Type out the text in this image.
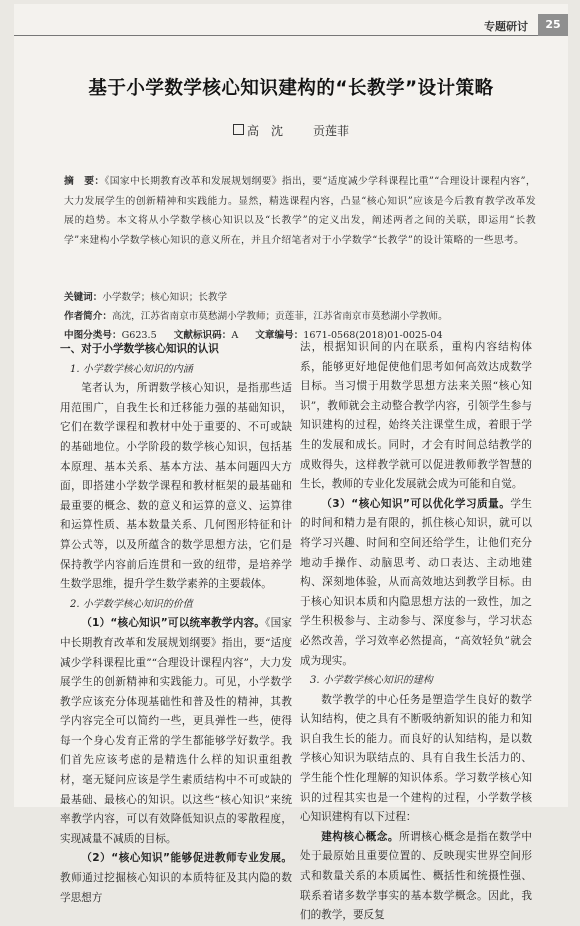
专题研讨	25
基于小学数学核心知识建构的“长教学”设计策略
高　沈	贡莲菲

摘　要：《国家中长期教育改革和发展规划纲要》指出，要“适度减少学科课程比重”“合理设计课程内容”，大力发展学生的创新精神和实践能力。显然，精选课程内容，凸显“核心知识”应该是今后教育教学改革发展的趋势。本文将从小学数学核心知识以及“长教学”的定义出发，阐述两者之间的关联，即运用“长教学”来建构小学数学核心知识的意义所在，并且介绍笔者对于小学数学“长教学”的设计策略的一些思考。

关键词：小学数学；核心知识；长教学
作者简介：高沈，江苏省南京市莫愁湖小学教师；贡莲菲，江苏省南京市莫愁湖小学教师。
中图分类号：G623.5 文献标识码：A 文章编号：1671-0568(2018)01-0025-04

一、对于小学数学核心知识的认识

1. 小学数学核心知识的内涵

笔者认为，所谓数学核心知识，是指那些适用范围广，自我生长和迁移能力强的基础知识，它们在数学课程和教材中处于重要的、不可或缺的基础地位。小学阶段的数学核心知识，包括基本原理、基本关系、基本方法、基本问题四大方面，即搭建小学数学课程和教材框架的最基础和最重要的概念、数的意义和运算的意义、运算律和运算性质、基本数量关系、几何图形特征和计算公式等，以及所蕴含的数学思想方法，它们是保持教学内容前后连贯和一致的纽带，是培养学生数学思维，提升学生数学素养的主要载体。

2. 小学数学核心知识的价值

（1）“核心知识”可以统率教学内容。《国家中长期教育改革和发展规划纲要》指出，要“适度减少学科课程比重”“合理设计课程内容”，大力发展学生的创新精神和实践能力。可见，小学数学教学应该充分体现基础性和普及性的精神，其教学内容完全可以简约一些，更具弹性一些，使得每一个身心发育正常的学生都能够学好数学。我们首先应该考虑的是精选什么样的知识重组教材，毫无疑问应该是学生素质结构中不可或缺的最基础、最核心的知识。以这些“核心知识”来统率教学内容，可以有效降低知识点的零散程度，实现减量不减质的目标。

（2）“核心知识”能够促进教师专业发展。教师通过挖掘核心知识的本质特征及其内隐的数学思想方

法，根据知识间的内在联系，重构内容结构体系，能够更好地促使他们思考如何高效达成数学目标。当习惯于用数学思想方法来关照“核心知识”，教师就会主动整合教学内容，引领学生参与知识建构的过程，始终关注课堂生成，着眼于学生的发展和成长。同时，才会有时间总结教学的成败得失，这样教学就可以促进教师教学智慧的生长，教师的专业化发展就会成为可能和自觉。

（3）“核心知识”可以优化学习质量。学生的时间和精力是有限的，抓住核心知识，就可以将学习兴趣、时间和空间还给学生，让他们充分地动手操作、动脑思考、动口表达、主动地建构、深刻地体验，从而高效地达到教学目标。由于核心知识本质和内隐思想方法的一致性，加之学生积极参与、主动参与、深度参与，学习状态必然改善，学习效率必然提高，“高效轻负”就会成为现实。

3. 小学数学核心知识的建构

数学教学的中心任务是塑造学生良好的数学认知结构，使之具有不断吸纳新知识的能力和知识自我生长的能力。而良好的认知结构，是以数学核心知识为联结点的、具有自我生长活力的、学生能个性化理解的知识体系。学习数学核心知识的过程其实也是一个建构的过程，小学数学核心知识建构有以下过程：

建构核心概念。所谓核心概念是指在数学中处于最原始且重要位置的、反映现实世界空间形式和数量关系的本质属性、概括性和统摄性强、联系着诸多数学事实的基本数学概念。因此，我们的教学，要反复
